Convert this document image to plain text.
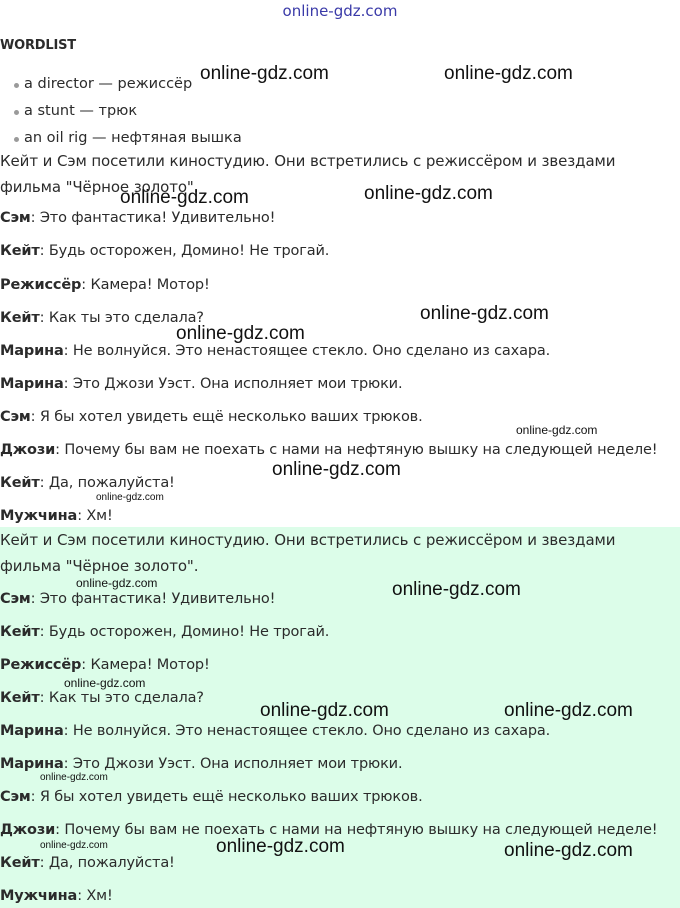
online-gdz.com
WORDLIST
a director — режиссёр
a stunt — трюк
an oil rig — нефтяная вышка
Кейт и Сэм посетили киностудию. Они встретились с режиссёром и звездами фильма "Чёрное золото".
Сэм: Это фантастика! Удивительно!
Кейт: Будь осторожен, Домино! Не трогай.
Режиссёр: Камера! Мотор!
Кейт: Как ты это сделала?
Марина: Не волнуйся. Это ненастоящее стекло. Оно сделано из сахара.
Марина: Это Джози Уэст. Она исполняет мои трюки.
Сэм: Я бы хотел увидеть ещё несколько ваших трюков.
Джози: Почему бы вам не поехать с нами на нефтяную вышку на следующей неделе!
Кейт: Да, пожалуйста!
Мужчина: Хм!
Кейт и Сэм посетили киностудию. Они встретились с режиссёром и звездами фильма "Чёрное золото".
Сэм: Это фантастика! Удивительно!
Кейт: Будь осторожен, Домино! Не трогай.
Режиссёр: Камера! Мотор!
Кейт: Как ты это сделала?
Марина: Не волнуйся. Это ненастоящее стекло. Оно сделано из сахара.
Марина: Это Джози Уэст. Она исполняет мои трюки.
Сэм: Я бы хотел увидеть ещё несколько ваших трюков.
Джози: Почему бы вам не поехать с нами на нефтяную вышку на следующей неделе!
Кейт: Да, пожалуйста!
Мужчина: Хм!
online-gdz.com	online-gdz.com
online-gdz.com	online-gdz.com
online-gdz.com
online-gdz.com
online-gdz.com
online-gdz.com
online-gdz.com
online-gdz.com	online-gdz.com
online-gdz.com
online-gdz.com	online-gdz.com
online-gdz.com
online-gdz.com	online-gdz.com	online-gdz.com
